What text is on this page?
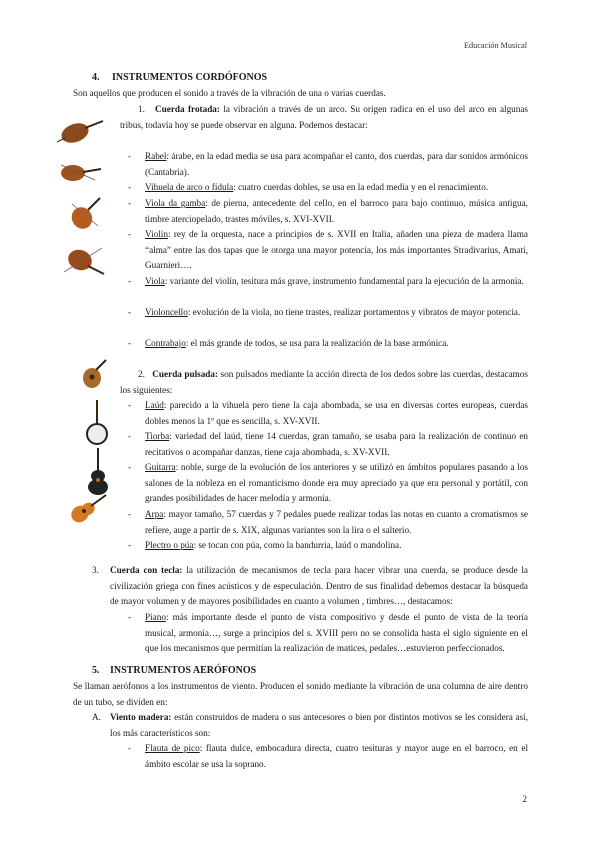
Educación Musical
4. INSTRUMENTOS CORDÓFONOS
Son aquellos que producen el sonido a través de la vibración de una o varias cuerdas.
1. Cuerda frotada: la vibración a través de un arco. Su origen radica en el uso del arco en algunas tribus, todavía hoy se puede observar en alguna. Podemos destacar:
-	Rabel: árabe, en la edad media se usa para acompañar el canto, dos cuerdas, para dar sonidos armónicos (Cantabria).
-	Vihuela de arco o fídula: cuatro cuerdas dobles, se usa en la edad media y en el renacimiento.
-	Viola da gamba: de pierna, antecedente del cello, en el barroco para bajo continuo, música antigua, timbre aterciopelado, trastes móviles, s. XVI-XVII.
-	Violín: rey de la orquesta, nace a principios de s. XVII en Italia, añaden una pieza de madera llama “alma” entre las dos tapas que le otorga una mayor potencia, los más importantes Stradivarius, Amati, Guarnieri….
-	Viola: variante del violín, tesitura más grave, instrumento fundamental para la ejecución de la armonía.
-	Violoncello: evolución de la viola, no tiene trastes, realizar portamentos y vibratos de mayor potencia.
-	Contrabajo: el más grande de todos, se usa para la realización de la base armónica.
2. Cuerda pulsada: son pulsados mediante la acción directa de los dedos sobre las cuerdas, destacamos los siguientes:
-	Laúd: parecido a la vihuela pero tiene la caja abombada, se usa en diversas cortes europeas, cuerdas dobles menos la 1º que es sencilla, s. XV-XVII.
-	Tiorba: variedad del laúd, tiene 14 cuerdas, gran tamaño, se usaba para la realización de continuo en recitativos o acompañar danzas, tiene caja abombada, s. XV-XVII.
-	Guitarra: noble, surge de la evolución de los anteriores y se utilizó en ámbitos populares pasando a los salones de la nobleza en el romanticismo donde era muy apreciado ya que era personal y portátil, con grandes posibilidades de hacer melodía y armonía.
-	Arpa: mayor tamaño, 57 cuerdas y 7 pedales puede realizar todas las notas en cuanto a cromatismos se refiere, auge a partir de s. XIX, algunas variantes son la lira o el salterio.
-	Plectro o púa: se tocan con púa, como la bandurria, laúd o mandolina.
3. Cuerda con tecla: la utilización de mecanismos de tecla para hacer vibrar una cuerda, se produce desde la civilización griega con fines acústicos y de especulación. Dentro de sus finalidad debemos destacar la búsqueda de mayor volumen y de mayores posibilidades en cuanto a volumen , timbres…, destacamos:
-	Piano: más importante desde el punto de vista compositivo y desde el punto de vista de la teoría musical, armonía…, surge a principios del s. XVIII pero no se consolida hasta el siglo siguiente en el que los mecanismos que permitían la realización de matices, pedales…estuvieron perfeccionados.
5. INSTRUMENTOS AERÓFONOS
Se llaman aerófonos a los instrumentos de viento. Producen el sonido mediante la vibración de una columna de aire dentro de un tubo, se dividen en:
A. Viento madera: están construidos de madera o sus antecesores o bien por distintos motivos se les considera así, los más característicos son:
-	Flauta de pico: flauta dulce, embocadura directa, cuatro tesituras y mayor auge en el barroco, en el ámbito escolar se usa la soprano.
2
